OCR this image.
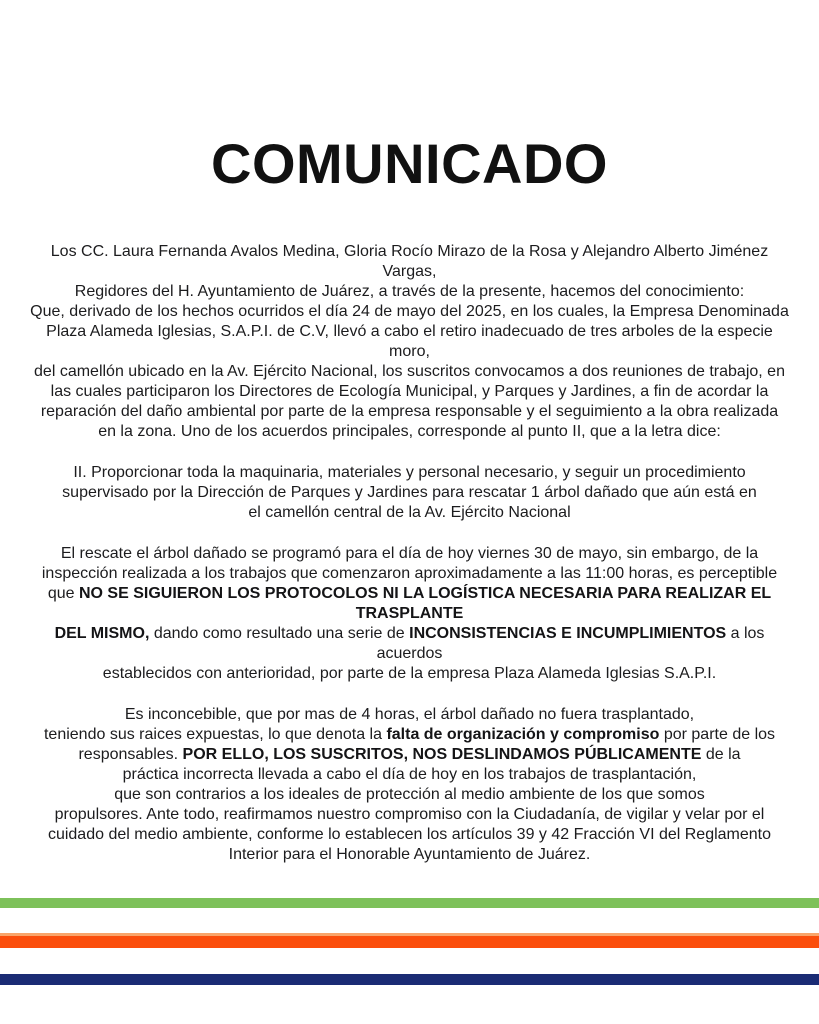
COMUNICADO

Los CC. Laura Fernanda Avalos Medina, Gloria Rocío Mirazo de la Rosa y Alejandro Alberto Jiménez Vargas,
Regidores del H. Ayuntamiento de Juárez, a través de la presente, hacemos del conocimiento:
Que, derivado de los hechos ocurridos el día 24 de mayo del 2025, en los cuales, la Empresa Denominada
Plaza Alameda Iglesias, S.A.P.I. de C.V, llevó a cabo el retiro inadecuado de tres arboles de la especie moro,
del camellón ubicado en la Av. Ejército Nacional, los suscritos convocamos a dos reuniones de trabajo, en
las cuales participaron los Directores de Ecología Municipal, y Parques y Jardines, a fin de acordar la
reparación del daño ambiental por parte de la empresa responsable y el seguimiento a la obra realizada
en la zona. Uno de los acuerdos principales, corresponde al punto II, que a la letra dice:

II. Proporcionar toda la maquinaria, materiales y personal necesario, y seguir un procedimiento
supervisado por la Dirección de Parques y Jardines para rescatar 1 árbol dañado que aún está en
el camellón central de la Av. Ejército Nacional

El rescate el árbol dañado se programó para el día de hoy viernes 30 de mayo, sin embargo, de la
inspección realizada a los trabajos que comenzaron aproximadamente a las 11:00 horas, es perceptible
que NO SE SIGUIERON LOS PROTOCOLOS NI LA LOGÍSTICA NECESARIA PARA REALIZAR EL TRASPLANTE
DEL MISMO, dando como resultado una serie de INCONSISTENCIAS E INCUMPLIMIENTOS a los acuerdos
establecidos con anterioridad, por parte de la empresa Plaza Alameda Iglesias S.A.P.I.

Es inconcebible, que por mas de 4 horas, el árbol dañado no fuera trasplantado,
teniendo sus raices expuestas, lo que denota la falta de organización y compromiso por parte de los
responsables. POR ELLO, LOS SUSCRITOS, NOS DESLINDAMOS PÚBLICAMENTE de la
práctica incorrecta llevada a cabo el día de hoy en los trabajos de trasplantación,
que son contrarios a los ideales de protección al medio ambiente de los que somos
propulsores. Ante todo, reafirmamos nuestro compromiso con la Ciudadanía, de vigilar y velar por el
cuidado del medio ambiente, conforme lo establecen los artículos 39 y 42 Fracción VI del Reglamento
Interior para el Honorable Ayuntamiento de Juárez.
